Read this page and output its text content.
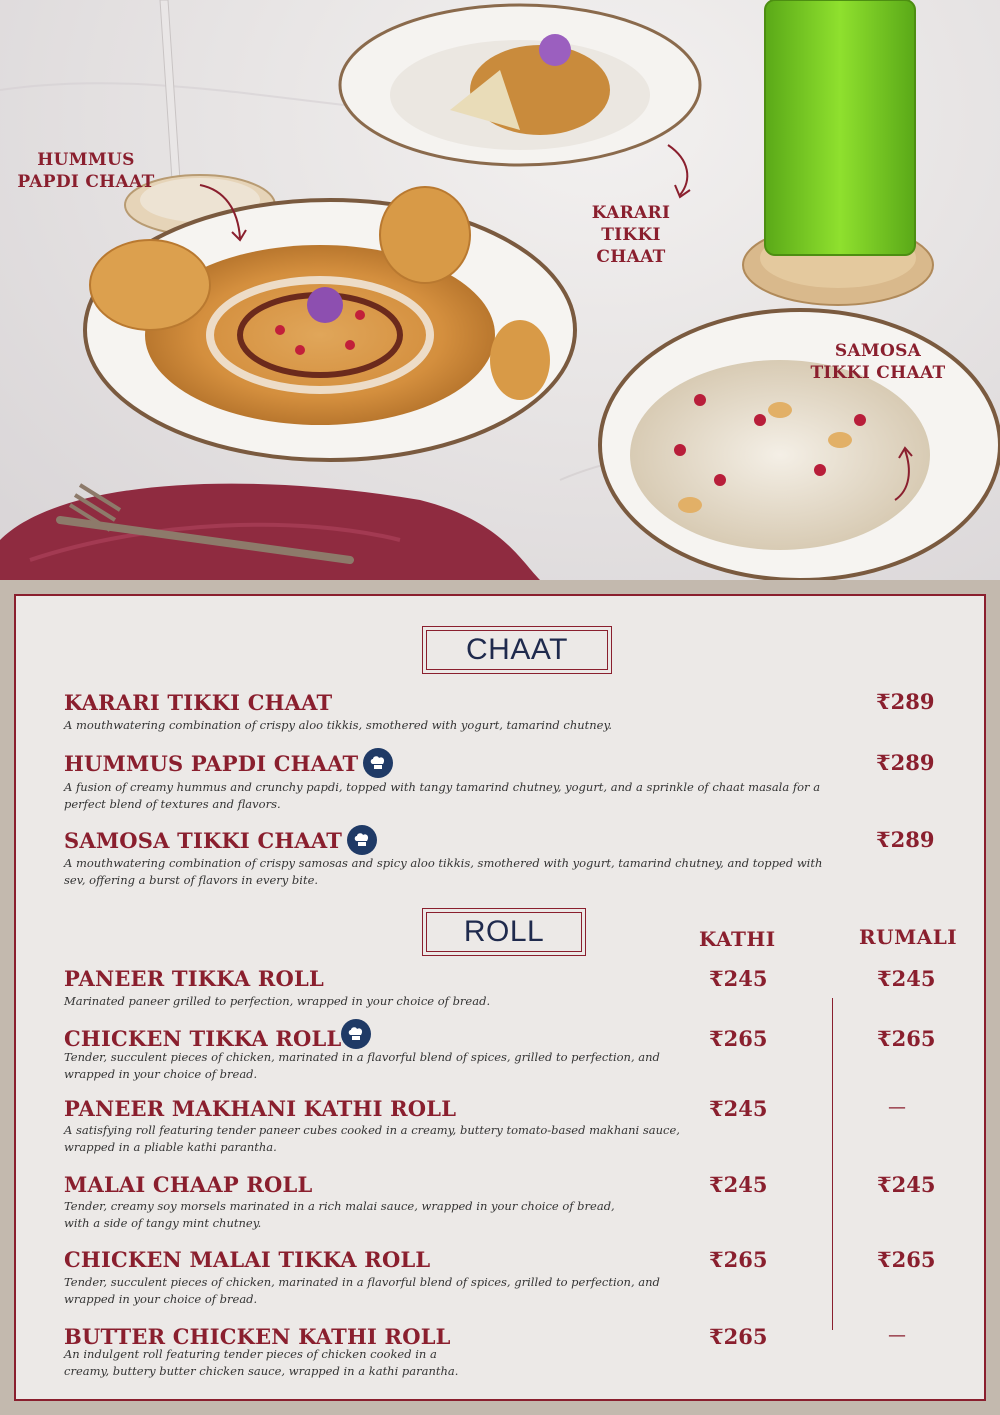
HUMMUS
PAPDI CHAAT
KARARI
TIKKI CHAAT
SAMOSA
TIKKI CHAAT
CHAAT
KARARI TIKKI CHAAT	₹289
A mouthwatering combination of crispy aloo tikkis, smothered with yogurt, tamarind chutney.
HUMMUS PAPDI CHAAT	₹289
A fusion of creamy hummus and crunchy papdi, topped with tangy tamarind chutney, yogurt, and a sprinkle of chaat masala for a perfect blend of textures and flavors.
SAMOSA TIKKI CHAAT	₹289
A mouthwatering combination of crispy samosas and spicy aloo tikkis, smothered with yogurt, tamarind chutney, and topped with sev, offering a burst of flavors in every bite.
ROLL	KATHI	RUMALI
PANEER TIKKA ROLL	₹245	₹245
Marinated paneer grilled to perfection, wrapped in your choice of bread.
CHICKEN TIKKA ROLL	₹265	₹265
Tender, succulent pieces of chicken, marinated in a flavorful blend of spices, grilled to perfection, and wrapped in your choice of bread.
PANEER MAKHANI KATHI ROLL	₹245	—
A satisfying roll featuring tender paneer cubes cooked in a creamy, buttery tomato-based makhani sauce, wrapped in a pliable kathi parantha.
MALAI CHAAP ROLL	₹245	₹245
Tender, creamy soy morsels marinated in a rich malai sauce, wrapped in your choice of bread, with a side of tangy mint chutney.
CHICKEN MALAI TIKKA ROLL	₹265	₹265
Tender, succulent pieces of chicken, marinated in a flavorful blend of spices, grilled to perfection, and wrapped in your choice of bread.
BUTTER CHICKEN KATHI ROLL	₹265	—
An indulgent roll featuring tender pieces of chicken cooked in a creamy, buttery butter chicken sauce, wrapped in a kathi parantha.
